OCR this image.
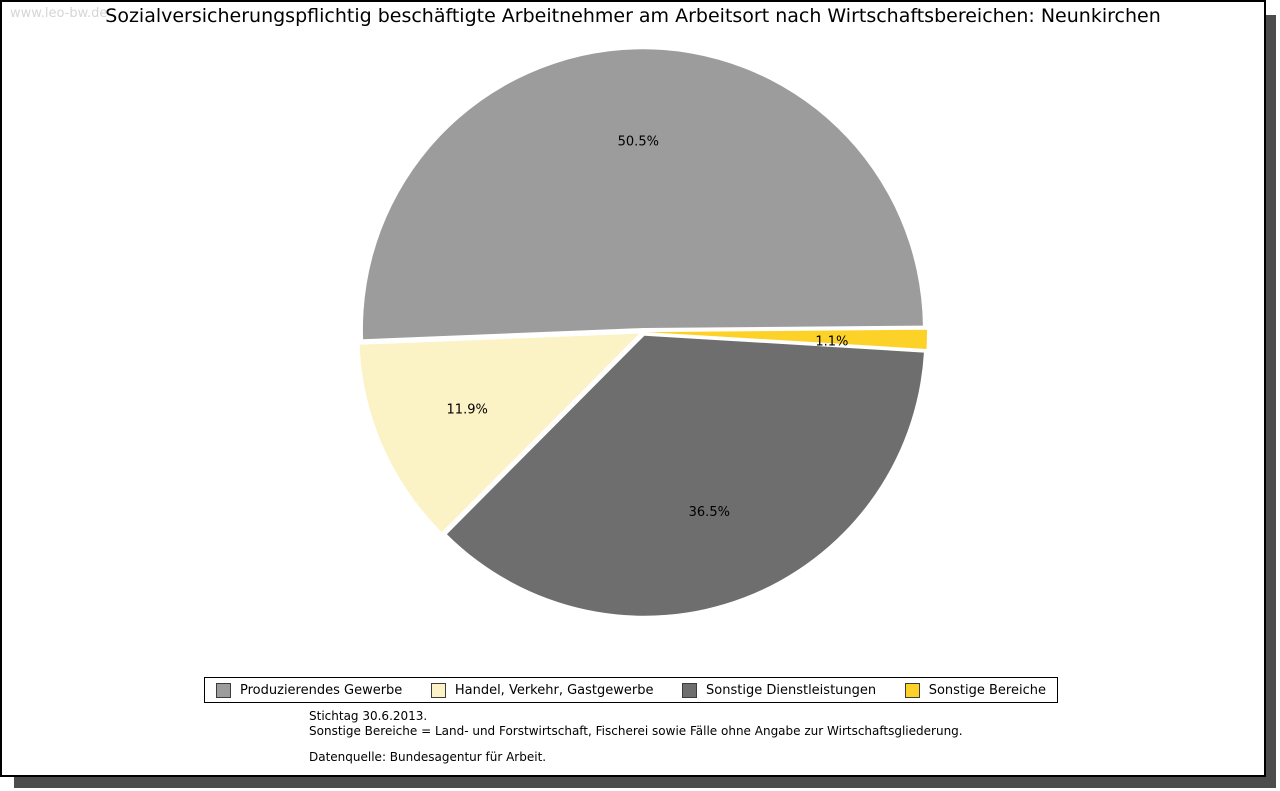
www.leo-bw.de
Sozialversicherungspflichtig beschäftigte Arbeitnehmer am Arbeitsort nach Wirtschaftsbereichen: Neunkirchen
50.5%
11.9%
36.5%
1.1%
Produzierendes Gewerbe	Handel, Verkehr, Gastgewerbe	Sonstige Dienstleistungen	Sonstige Bereiche
Stichtag 30.6.2013.
Sonstige Bereiche = Land- und Forstwirtschaft, Fischerei sowie Fälle ohne Angabe zur Wirtschaftsgliederung.
Datenquelle: Bundesagentur für Arbeit.
